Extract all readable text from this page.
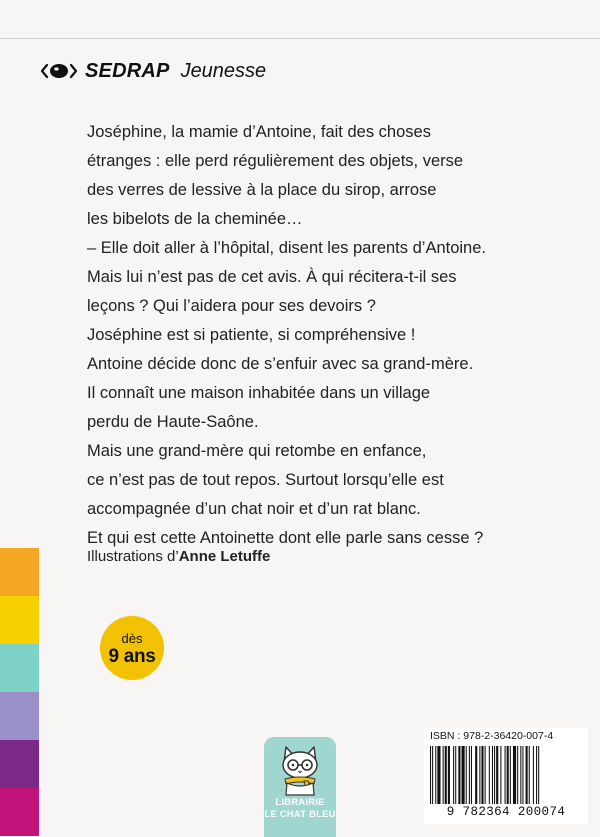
SEDRAP Jeunesse
Joséphine, la mamie d’Antoine, fait des choses
étranges : elle perd régulièrement des objets, verse
des verres de lessive à la place du sirop, arrose
les bibelots de la cheminée…
– Elle doit aller à l’hôpital, disent les parents d’Antoine.
Mais lui n’est pas de cet avis. À qui récitera-t-il ses
leçons ? Qui l’aidera pour ses devoirs ?
Joséphine est si patiente, si compréhensive !
Antoine décide donc de s’enfuir avec sa grand-mère.
Il connaît une maison inhabitée dans un village
perdu de Haute-Saône.
Mais une grand-mère qui retombe en enfance,
ce n’est pas de tout repos. Surtout lorsqu’elle est
accompagnée d’un chat noir et d’un rat blanc.
Et qui est cette Antoinette dont elle parle sans cesse ?
Illustrations d’Anne Letuffe
dès
9 ans
LIBRAIRIE
LE CHAT BLEU
ISBN : 978-2-36420-007-4
9 782364 200074
